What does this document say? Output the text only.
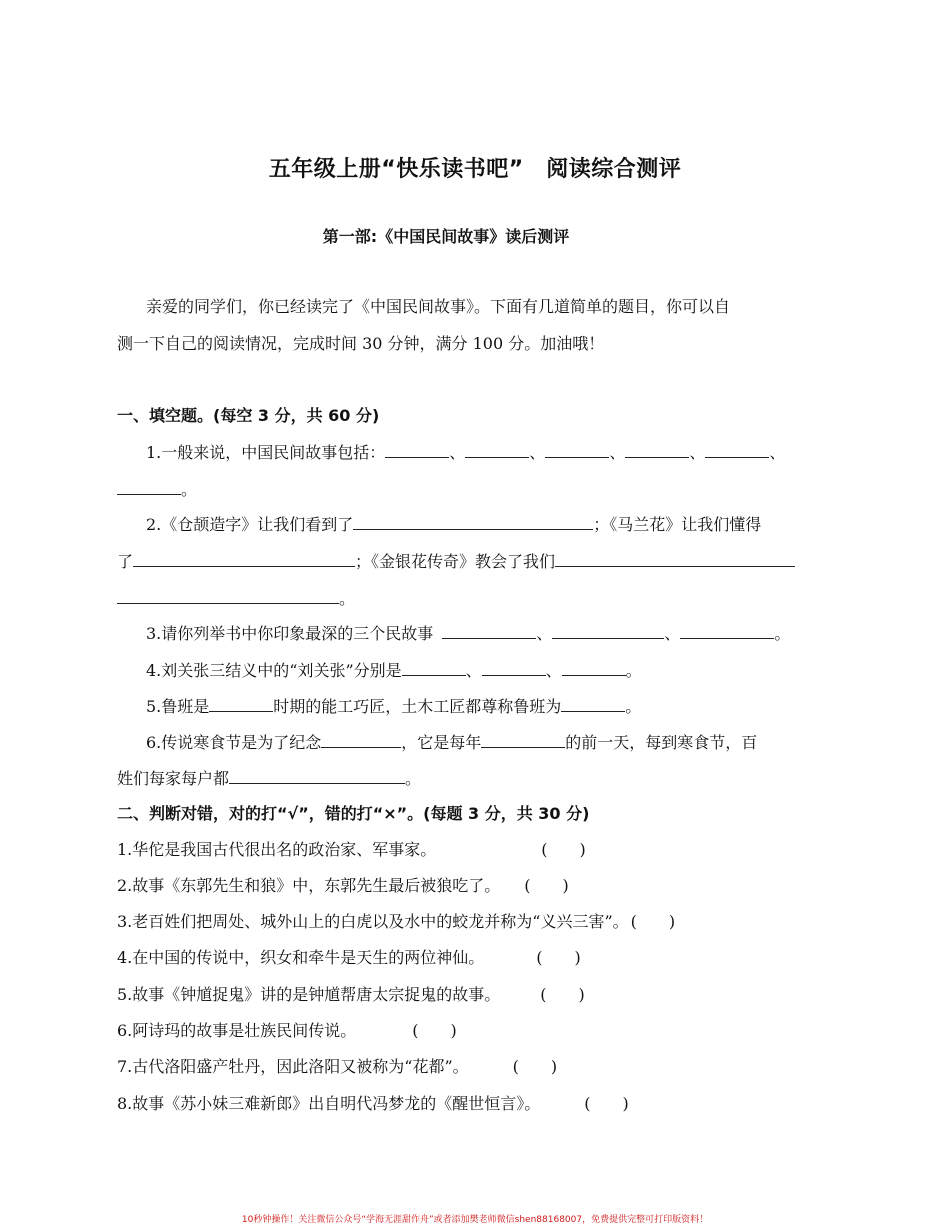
五年级上册“快乐读书吧”　阅读综合测评
第一部:《中国民间故事》读后测评
亲爱的同学们，你已经读完了《中国民间故事》。下面有几道简单的题目，你可以自
测一下自己的阅读情况，完成时间 30 分钟，满分 100 分。加油哦！
一、填空题。(每空 3 分，共 60 分)
1.一般来说，中国民间故事包括：	、	、	、	、	、
。
2.《仓颉造字》让我们看到了	；《马兰花》让我们懂得
了	；《金银花传奇》教会了我们
。
3.请你列举书中你印象最深的三个民故事	、	、	。
4.刘关张三结义中的“刘关张”分别是	、	、	。
5.鲁班是	时期的能工巧匠，土木工匠都尊称鲁班为	。
6.传说寒食节是为了纪念	，它是每年	的前一天，每到寒食节，百
姓们每家每户都	。
二、判断对错，对的打“√”，错的打“×”。(每题 3 分，共 30 分)
1.华佗是我国古代很出名的政治家、军事家。	(　　)
2.故事《东郭先生和狼》中，东郭先生最后被狼吃了。 (　　)
3.老百姓们把周处、城外山上的白虎以及水中的蛟龙并称为“义兴三害”。 (　　)
4.在中国的传说中，织女和牵牛是天生的两位神仙。	(　　)
5.故事《钟馗捉鬼》讲的是钟馗帮唐太宗捉鬼的故事。	(　　)
6.阿诗玛的故事是壮族民间传说。	(　　)
7.古代洛阳盛产牡丹，因此洛阳又被称为“花都”。	(　　)
8.故事《苏小妹三难新郎》出自明代冯梦龙的《醒世恒言》。	(　　)
10秒钟操作！关注微信公众号“学海无涯甜作舟”或者添加樊老师微信shen88168007，免费提供完整可打印版资料！
